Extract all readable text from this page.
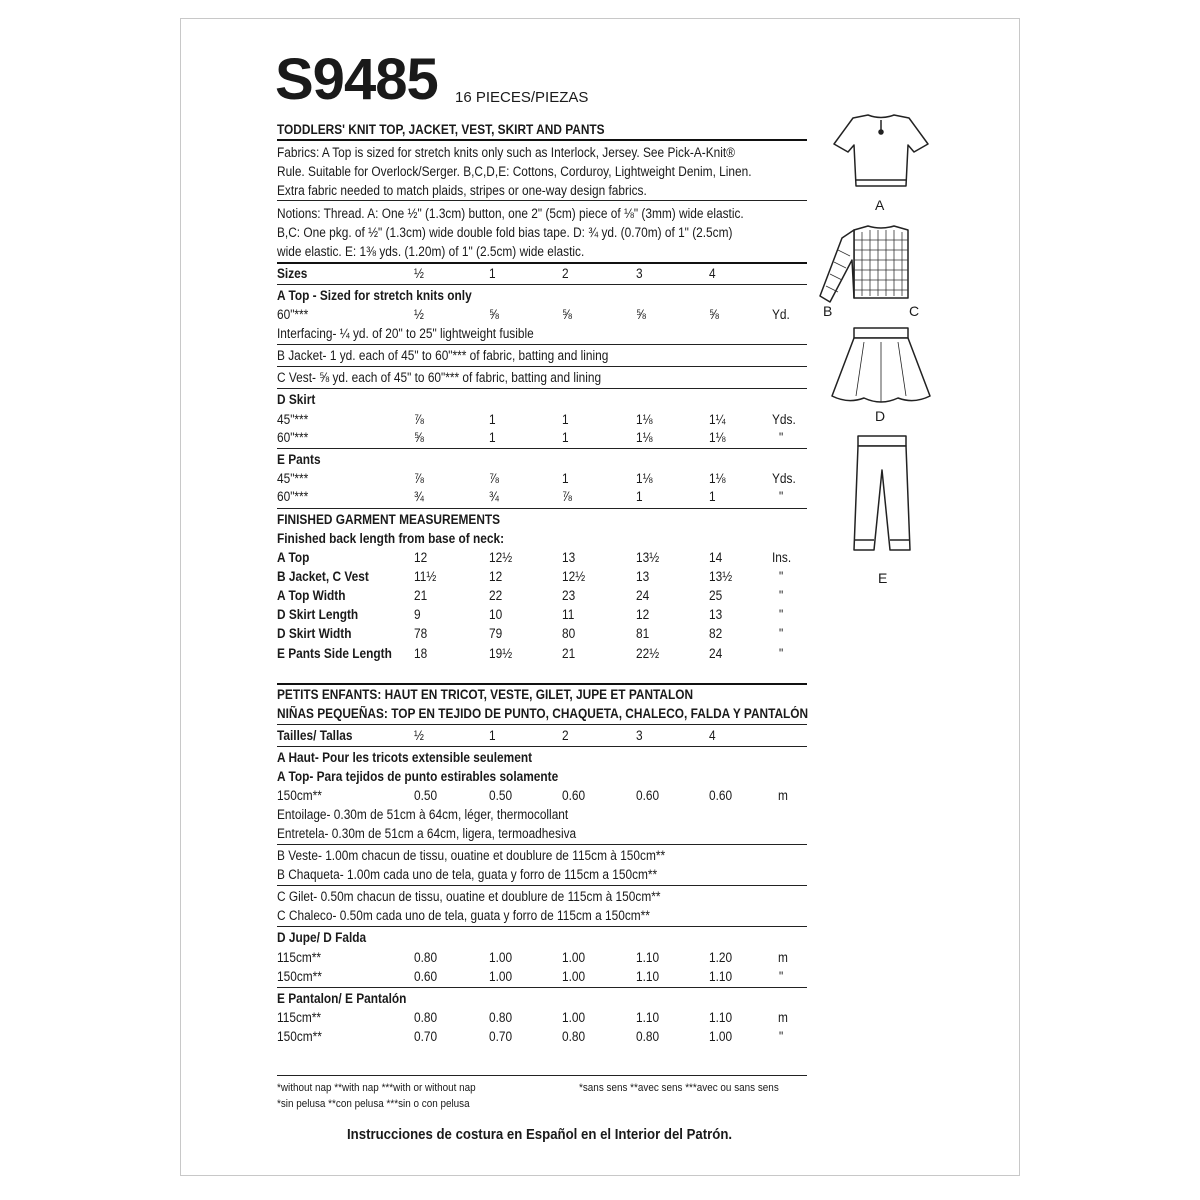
S9485 16 PIECES/PIEZAS
TODDLERS' KNIT TOP, JACKET, VEST, SKIRT AND PANTS
Fabrics: A Top is sized for stretch knits only such as Interlock, Jersey. See Pick-A-Knit®
Rule. Suitable for Overlock/Serger. B,C,D,E: Cottons, Corduroy, Lightweight Denim, Linen.
Extra fabric needed to match plaids, stripes or one-way design fabrics.
Notions: Thread. A: One ½" (1.3cm) button, one 2" (5cm) piece of ⅛" (3mm) wide elastic.
B,C: One pkg. of ½" (1.3cm) wide double fold bias tape. D: ¾ yd. (0.70m) of 1" (2.5cm)
wide elastic. E: 1⅜ yds. (1.20m) of 1" (2.5cm) wide elastic.
Sizes	½	1	2	3	4
A Top - Sized for stretch knits only
60"***	½	⅝	⅝	⅝	⅝	Yd.
Interfacing- ¼ yd. of 20" to 25" lightweight fusible
B Jacket- 1 yd. each of 45" to 60"*** of fabric, batting and lining
C Vest- ⅝ yd. each of 45" to 60"*** of fabric, batting and lining
D Skirt
45"***	⅞	1	1	1⅛	1¼	Yds.
60"***	⅝	1	1	1⅛	1⅛	"
E Pants
45"***	⅞	⅞	1	1⅛	1⅛	Yds.
60"***	¾	¾	⅞	1	1	"
FINISHED GARMENT MEASUREMENTS
Finished back length from base of neck:
A Top	12	12½	13	13½	14	Ins.
B Jacket, C Vest	11½	12	12½	13	13½	"
A Top Width	21	22	23	24	25	"
D Skirt Length	9	10	11	12	13	"
D Skirt Width	78	79	80	81	82	"
E Pants Side Length 18	19½	21	22½	24	"
PETITS ENFANTS: HAUT EN TRICOT, VESTE, GILET, JUPE ET PANTALON
NIÑAS PEQUEÑAS: TOP EN TEJIDO DE PUNTO, CHAQUETA, CHALECO, FALDA Y PANTALÓN
Tailles/ Tallas	½	1	2	3	4
A Haut- Pour les tricots extensible seulement
A Top- Para tejidos de punto estirables solamente
150cm**	0.50	0.50	0.60	0.60	0.60	m
Entoilage- 0.30m de 51cm à 64cm, léger, thermocollant
Entretela- 0.30m de 51cm a 64cm, ligera, termoadhesiva
B Veste- 1.00m chacun de tissu, ouatine et doublure de 115cm à 150cm**
B Chaqueta- 1.00m cada uno de tela, guata y forro de 115cm a 150cm**
C Gilet- 0.50m chacun de tissu, ouatine et doublure de 115cm à 150cm**
C Chaleco- 0.50m cada uno de tela, guata y forro de 115cm a 150cm**
D Jupe/ D Falda
115cm**	0.80	1.00	1.00	1.10	1.20	m
150cm**	0.60	1.00	1.00	1.10	1.10	"
E Pantalon/ E Pantalón
115cm**	0.80	0.80	1.00	1.10	1.10	m
150cm**	0.70	0.70	0.80	0.80	1.00	"
*without nap **with nap ***with or without nap
*sin pelusa **con pelusa ***sin o con pelusa
*sans sens **avec sens ***avec ou sans sens
Instrucciones de costura en Español en el Interior del Patrón.
A
B	C
D
E
